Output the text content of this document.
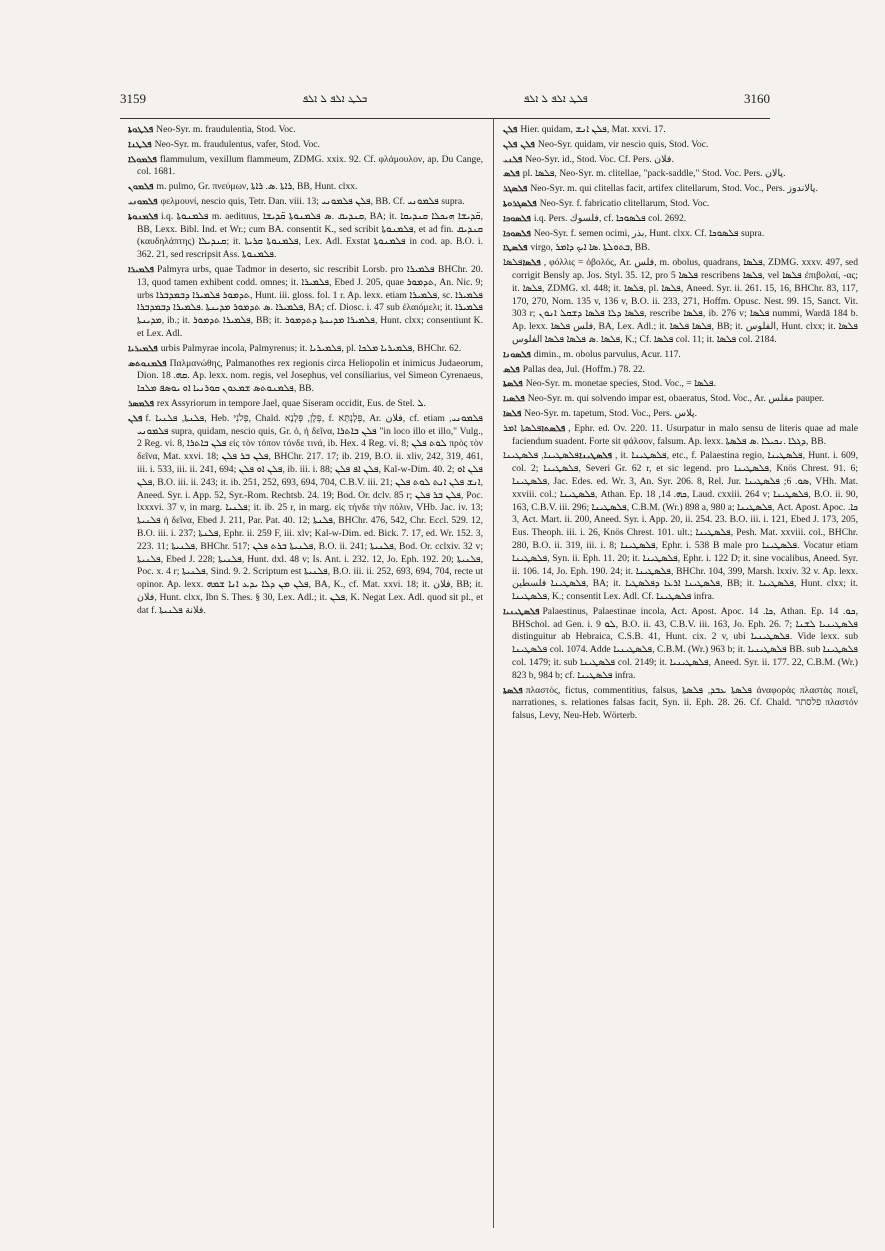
3159	ܒܠܛ ܐܠܦ ܠ ܐܠܦ	ܦܠܛ ܐܠܦ ܠ ܐܠܦ	3160

ܦܠܛܘܬܐ Neo-Syr. m. fraudulentia, Stod. Voc.

ܦܠܛܢܐ Neo-Syr. m. fraudulentus, vafer, Stod. Voc.

ܦܠܡܘܠܐ flammulum, vexillum flammeum, ZDMG. xxix. 92. Cf. φλάμουλον, ap. Du Cange, col. 1681.

ܦܠܡܘܢ m. pulmo, Gr. πνεύμων, ܪܐܬܐ .ܣ. ܪܐܬܐ, BB, Hunt. clxx.

ܦܠܡܘܢܝ φελμουνί, nescio quis, Tetr. Dan. viii. 13; ܦܠܢ ܦܠܡܘܢܝ, BB. Cf. ܦܠܡܘܢܝ supra.

ܦܠܡܢܘܬܐ i.q. ܦܠܡܢܘܬܐ m. aedituus, ܩܢܕܝܩ .ܣ ܦܠܡܢܘܬܐ ܩ̈ܕܝܫܐ, BA; it. ܩ̈ܕܝܫܐ ܗܝܟܠܐ ܩܢܕܝܩܐ, BB, Lexx. Bibl. Ind. et Wr.; cum BA. consentit K., sed scribit ܦܠܡܢܘܬܐ, et ad fin. ܩܢܕܝܩ (καυδηλάπτης) ܩܢܕܝܠܐ; it. ܦܠܡܢܘܬܐ ܩܪܝܬܐ, Lex. Adl. Exstat ܦܠܡܢܘܬܐ in cod. ap. B.O. i. 362. 21, sed rescripsit Ass. ܦܠܡܢܘܬܐ.

ܦܠܡܝܪܐ Palmyra urbs, quae Tadmor in deserto, sic rescribit Lorsb. pro ܦܠܡܝܪܐ BHChr. 20. 13, quod tamen exhibent codd. omnes; it. ܦܠܡܝܪܐ, Ebed J. 205, quae ܬܕܡܘܪ, An. Nic. 9; urbs ܬܕܡܘܪ ܦܠܡܝܪܐ ܕܒܡܕܒܪܐ, Hunt. iii. gloss. fol. 1 r. Ap. lexx. etiam ܦܠܡܝܪܐ, sc. ܦܠܡܝܪܐ ܦܠܡܝܪܐ .ܣ ܬܕܡܘܪ ܡܕܝܢܬܐ .ܦܠܡܝܪܐ ܕܒܡܕܒܪܐ, BA; cf. Diosc. i. 47 sub ἐλαιόμελι; it. ܦܠܡܝܪܐ ܡܕܝܢܬܐ, ib.; it. ܦܠܡܝܪܐ ܬܕܡܘܪ, BB; it. ܦܠܡܝܪܐ ܡܕܝܢܬܐ ܕܬܕܡܘܪ, Hunt. clxx; consentiunt K. et Lex. Adl.

ܦܠܡܝܪܝܐ urbis Palmyrae incola, Palmyrenus; it. ܦܠܡܝܪܝܐ, pl. ܦܠܡܝܪܝܐ ܡܠܟܐ, BHChr. 62.

ܦܠܡܢܘܬܣ Παλμανώθης, Palmanothes rex regionis circa Heliopolin et inimicus Judaeorum, Dion. ܩܗ. 18. Ap. lexx. nom. regis, vel Josephus, vel consiliarius, vel Simeon Cyrenaeus, ܦܠܡܢܘܬܣ ܫܡܥܘܢ ܩܘܪܢܝܐ ܐܘ ܝܘܣܦ ܡܠܟܐ, BB.

ܦܠܡܣܪ rex Assyriorum in tempore Jael, quae Siseram occidit, Eus. de Stel. ܠ.

ܦܠܢ f. ܦܠܢܬܐ, ܦܠܢܝܐ, Heb. פְּלֹנִי, Chald. פְּלָן, פְּלָנָא, f. פְּלָנְתָּא, Ar. فلان, cf. etiam ܦܠܡܘܢܝ, ܦܠܡܘܢܝ supra, quidam, nescio quis, Gr. ὁ, ἡ δεῖνα, ܦܠܢ ܒܐܬܪܐ "in loco illo et illo," Vulg., 2 Reg. vi. 8, ܦܠܢ ܒܐܬܪܐ εἰς τὸν τόπον τόνδε τινά, ib. Hex. 4 Reg. vi. 8; ܠܘܬ ܦܠܢ πρὸς τὸν δεῖνα, Mat. xxvi. 18; ܦܠܢ ܒܪ ܦܠܢ, BHChr. 217. 17; ib. 219, B.O. ii. xliv, 242, 319, 461, iii. i. 533, iii. ii. 241, 694; ܦܠܢ ܐܘ ܦܠܢ, ib. iii. i. 88; ܦܠܢ ܐܦ ܦܠܢ, Kal-w-Dim. 40. 2; ܦܠܢ ܐܘ ܦܠܢ, B.O. iii. ii. 243; it. ib. 251, 252, 693, 694, 704, C.B.V. iii. 21; ܐܢܫ ܦܠܢ ܐܢܬ ܠܘܬ ܦܠܢ, Aneed. Syr. i. App. 52, Syr.-Rom. Rechtsb. 24. 19; Bod. Or. dclv. 85 r; ܦܠܢ ܒܪ ܦܠܢ, Poc. lxxxvi. 37 v, in marg. ܦܠܢܝܐ; it. ib. 25 r, in marg. εἰς τήνδε τὴν πόλιν, VHb. Jac. iv. 13; ܦܠܢܝܬܐ ἡ δεῖνα, Ebed J. 211, Par. Pat. 40. 12; ܦܠܢܬܐ, BHChr. 476, 542, Chr. Eccl. 529. 12, B.O. iii. i. 237; ܦܠܢܬܐ, Ephr. ii. 259 F, iii. xlv; Kal-w-Dim. ed. Bick. 7. 17, ed. Wr. 152. 3, 223. 11; ܦܠܢܝܬܐ, BHChr. 517; ܦܠܢܝܬܐ ܒܪܬ ܦܠܢ, B.O. ii. 241; ܦܠܢܝܬܐ, Bod. Or. cclxiv. 32 v; ܦܠܢܝܬܐ, Ebed J. 228; ܦܠܢܝܬܐ, Hunt. dxl. 48 v; Is. Ant. i. 232. 12, Jo. Eph. 192. 20; ܦܠܢܝܬܐ, Poc. x. 4 r; ܦܠܢܝܬܐ, Sind. 9. 2. Scriptum est ܦܠܢܝܬܐ, B.O. iii. ii. 252, 693, 694, 704, recte ut opinor. Ap. lexx. ܦܠܢ ܡܢ ܕܠܐ ܝܕܥ ܐܢܐ ܫܡܗ, BA, K., cf. Mat. xxvi. 18; it. فلان, BB; it. فلان, Hunt. clxx, Ibn S. Thes. § 30, Lex. Adl.; it. ܦܠܢ, K. Negat Lex. Adl. quod sit pl., et dat f. فلانة ܦܠܢܝܬܐ.

ܦܠܢ Hier. quidam, ܦܠܢ ܐܢܫ, Mat. xxvi. 17.

ܦܠܢ ܦܠܢ Neo-Syr. quidam, vir nescio quis, Stod. Voc.

ܦܠܢܝ Neo-Syr. id., Stod. Voc. Cf. Pers. فلان.

ܦܠܣ pl. ܦܠܣܐ, Neo-Syr. m. clitellae, "pack-saddle," Stod. Voc. Pers. پالان.

ܦܠܣܓܪ Neo-Syr. m. qui clitellas facit, artifex clitellarum, Stod. Voc., Pers. پالاندوز.

ܦܠܣܓܪܘܬܐ Neo-Syr. f. fabricatio clitellarum, Stod. Voc.

ܦܠܣܘܟܐ i.q. Pers. فلسوك, cf. ܦܠܣܘܟܐ col. 2692.

ܦܠܣܘܟܐ Neo-Syr. f. semen ocimi, بذر, Hunt. clxx. Cf. ܦܠܣܘܟܐ supra.

ܦܠܣܛܐ virgo, ܒܬܘܠܬܐ .ܣܐ ܐܝܟ ܕܐܡܪ, BB.

ܦܠܣܐܦܠܣܐ, φόλλις = ὀβολός, Ar. فلس, m. obolus, quadrans, ܦܠܣܐ, ZDMG. xxxv. 497, sed corrigit Bensly ap. Jos. Styl. 35. 12, pro ܦܠܣܐ 5 rescribens ܦܠܣܐ, vel ܦܠܣܐ ἐπιβολαί, -ας; it. ܦܠܣܐ, ZDMG. xl. 448; it. ܦܠܣܐ, pl. ܦܠܣܐ, Aneed. Syr. ii. 261. 15, 16, BHChr. 83, 117, 170, 270, Nom. 135 v, 136 v, B.O. ii. 233, 271, Hoffm. Opusc. Nest. 99. 15, Sanct. Vit. 303 r; ܦܠܣܐ ܕܠܐ ܦܠܣܐ ܕܫܩܠ ܐܢܘܢ, rescribe ܦܠܣܐ, ib. 276 v; ܦܠܣܐ nummi, Wardā 184 b. Ap. lexx. فلس ܦܠܣܐ, BA, Lex. Adl.; it. ܦܠܣܐ ܦܠܣܐ, BB; it. الفلوس, Hunt. clxx; it. ܦܠܣܐ ܦܠܣܐ .ܣ ܦܠܣܐ ܦܠܣܐ الفلوس, K.; Cf. ܦܠܣܐ col. 11; it. ܦܠܣܐ col. 2184.

ܦܠܣܘܢܐ dimin., m. obolus parvulus, Acur. 117.

ܦܠܣ Pallas dea, Jul. (Hoffm.) 78. 22.

ܦܠܣܬܐ Neo-Syr. m. monetae species, Stod. Voc., = ܦܠܣܐ.

ܦܠܣܝܐ Neo-Syr. m. qui solvendo impar est, obaeratus, Stod. Voc., Ar. مفلس pauper.

ܦܠܣܐ Neo-Syr. m. tapetum, Stod. Voc., Pers. پلاس.

ܦܠܣܬܐܦܠܣܬܐ ܐܡܪ, Ephr. ed. Ov. 220. 11. Usurpatur in malo sensu de literis quae ad male faciendum suadent. Forte sit φάλσον, falsum. Ap. lexx. ܕܓܠܐ .ܢܟܝܠܐ .ܣ ܦܠܣܬܐ, BB.

ܦܠܣܛܝܢܐܦܠܣܛܝܢܐ, ܦܠܣܛܝܢܐ, it. ܦܠܣܛܝܢܐ, etc., f. Palaestina regio, ܦܠܣܛܝܢܐ, Hunt. i. 609, col. 2; ܦܠܣܛܝܢܐ, Severi Gr. 62 r, et sic legend. pro ܦܠܣܛܝܢܐ, Knös Chrest. 91. 6; ܦܠܣܛܝܢܐ, Jac. Edes. ed. Wr. 3, An. Syr. 206. 8, Rel. Jur. ܣܘ. 6; ܦܠܣܛܝܢܐ, VHh. Mat. xxviii. col.; ܦܠܣܛܝܢܐ, Athan. Ep. ܟܗ. 14, 18, Laud. cxxiii. 264 v; ܦܠܣܛܝܢܐ, B.O. ii. 90, 163, C.B.V. iii. 296; ܦܠܣܛܝܢܐ, C.B.M. (Wr.) 898 a, 980 a; ܦܠܣܛܝܢܐ, Act. Apost. Apoc. ܟܐ. 3, Act. Mart. ii. 200, Aneed. Syr. i. App. 20, ii. 254. 23. B.O. iii. i. 121, Ebed J. 173, 205, Eus. Theoph. iii. i. 26, Knös Chrest. 101. ult.; ܦܠܣܛܝܢܐ, Pesh. Mat. xxviii. col., BHChr. 280, B.O. ii. 319, iii. i. 8; ܦܠܣܛܝܢܐ, Ephr. i. 538 B male pro ܦܠܣܛܝܢܐ. Vocatur etiam ܦܠܣܛܝܢܐ, Syn. ii. Eph. 11. 20; it. ܦܠܣܛܝܢܐ, Ephr. i. 122 D; it. sine vocalibus, Aneed. Syr. ii. 106. 14, Jo. Eph. 190. 24; it. ܦܠܣܛܝܢܐ, BHChr. 104, 399, Marsh. lxxiv. 32 v. Ap. lexx. ܦܠܣܛܝܢܐ فلسطين, BA; it. ܦܠܣܛܝܢܐ ܐܪܥܐ ܕܦܠܣܛܝܐ, BB; it. ܦܠܣܛܝܢܐ, Hunt. clxx; it. ܦܠܣܛܝܢܐ, K.; consentit Lex. Adl. Cf. ܦܠܣܛܝܢܐ infra.

ܦܠܣܛܝܢܝܐ Palaestinus, Palaestinae incola, Act. Apost. Apoc. ܟܐ. 14, Athan. Ep. ܟܘ. 14, BHSchol. ad Gen. i. ܠܘ 9, B.O. ii. 43, C.B.V. iii. 163, Jo. Eph. 26. 7; ܦܠܣܛܝܢܝܐ ܠܫܢܐ distinguitur ab Hebraica, C.S.B. 41, Hunt. cix. 2 v, ubi ܦܠܣܛܝܢܝܐ. Vide lexx. sub ܦܠܣܛܝܢܐ col. 1074. Adde ܦܠܣܛܝܢܝܐ, C.B.M. (Wr.) 963 b; it. ܦܠܣܛܝܢܝܐ BB. sub ܦܠܣܛܝܢܐ col. 1479; it. sub ܦܠܣܛܝܢܐ col. 2149; it. ܦܠܣܛܝܢܝܐ, Aneed. Syr. ii. 177. 22, C.B.M. (Wr.) 823 b, 984 b; cf. ܦܠܣܛܝܢܐ infra.

ܦܠܣܬܐ πλαστός, fictus, commentitius, falsus, ܦܠܣܬܐ ܥܒܕ, ܦܠܣܬܐ ἀναφορὰς πλαστὰς ποιεῖ, narrationes, s. relationes falsas facit, Syn. ii. Eph. 28. 26. Cf. Chald. פלסתר πλαστόν falsus, Levy, Neu-Heb. Wörterb.
